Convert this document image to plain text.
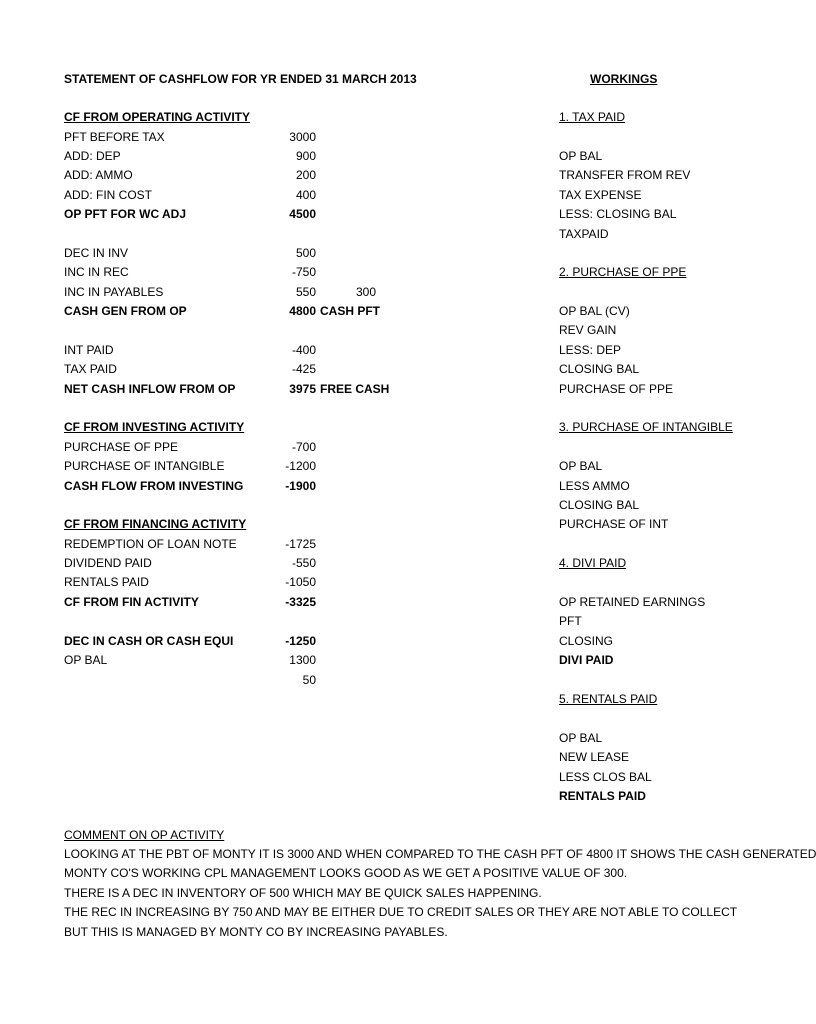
STATEMENT OF CASHFLOW FOR YR ENDED 31 MARCH 2013	WORKINGS
CF FROM OPERATING ACTIVITY
PFT BEFORE TAX	3000
ADD: DEP	900
ADD: AMMO	200
ADD: FIN COST	400
OP PFT FOR WC ADJ	4500
DEC IN INV	500
INC IN REC	-750
INC IN PAYABLES	550	300
CASH GEN FROM OP	4800 CASH PFT
INT PAID	-400
TAX PAID	-425
NET CASH INFLOW FROM OP	3975 FREE CASH
CF FROM INVESTING ACTIVITY
PURCHASE OF PPE	-700
PURCHASE OF INTANGIBLE	-1200
CASH FLOW FROM INVESTING	-1900
CF FROM FINANCING ACTIVITY
REDEMPTION OF LOAN NOTE	-1725
DIVIDEND PAID	-550
RENTALS PAID	-1050
CF FROM FIN ACTIVITY	-3325
DEC IN CASH OR CASH EQUI	-1250
OP BAL	1300
50
1. TAX PAID
OP BAL
TRANSFER FROM REV
TAX EXPENSE
LESS: CLOSING BAL
TAXPAID
2. PURCHASE OF PPE
OP BAL (CV)
REV GAIN
LESS: DEP
CLOSING BAL
PURCHASE OF PPE
3. PURCHASE OF INTANGIBLE
OP BAL
LESS AMMO
CLOSING BAL
PURCHASE OF INT
4. DIVI PAID
OP RETAINED EARNINGS
PFT
CLOSING
DIVI PAID
5. RENTALS PAID
OP BAL
NEW LEASE
LESS CLOS BAL
RENTALS PAID
COMMENT ON OP ACTIVITY
LOOKING AT THE PBT OF MONTY IT IS 3000 AND WHEN COMPARED TO THE CASH PFT OF 4800 IT SHOWS THE CASH GENERATED
MONTY CO'S WORKING CPL MANAGEMENT LOOKS GOOD AS WE GET A POSITIVE VALUE OF 300.
THERE IS A DEC IN INVENTORY OF 500 WHICH MAY BE QUICK SALES HAPPENING.
THE REC IN INCREASING BY 750 AND MAY BE EITHER DUE TO CREDIT SALES OR THEY ARE NOT ABLE TO COLLECT
BUT THIS IS MANAGED BY MONTY CO BY INCREASING PAYABLES.
